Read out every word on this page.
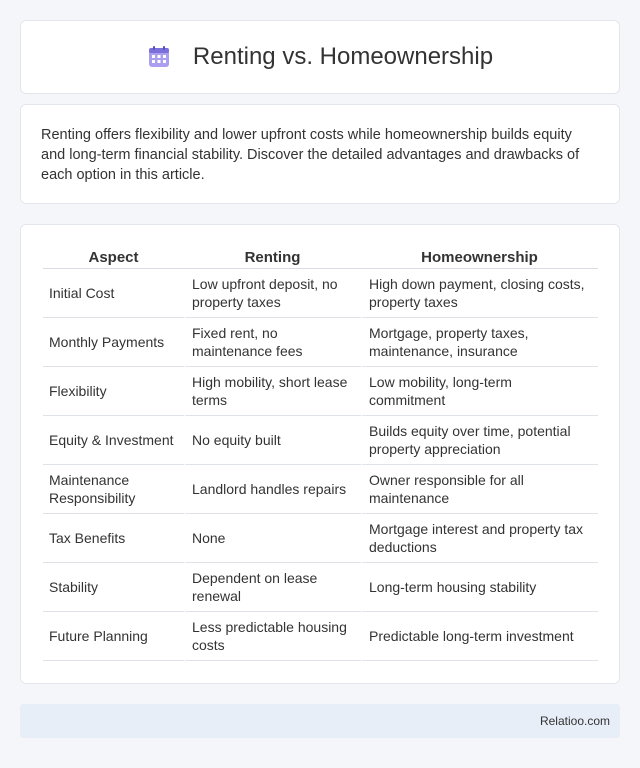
Renting vs. Homeownership

Renting offers flexibility and lower upfront costs while homeownership builds equity and long-term financial stability. Discover the detailed advantages and drawbacks of each option in this article.

Aspect	Renting	Homeownership
Initial Cost	Low upfront deposit, no property taxes	High down payment, closing costs, property taxes
Monthly Payments	Fixed rent, no maintenance fees	Mortgage, property taxes, maintenance, insurance
Flexibility	High mobility, short lease terms	Low mobility, long-term commitment
Equity & Investment	No equity built	Builds equity over time, potential property appreciation
Maintenance Responsibility	Landlord handles repairs	Owner responsible for all maintenance
Tax Benefits	None	Mortgage interest and property tax deductions
Stability	Dependent on lease renewal	Long-term housing stability
Future Planning	Less predictable housing costs	Predictable long-term investment
Relatioo.com
